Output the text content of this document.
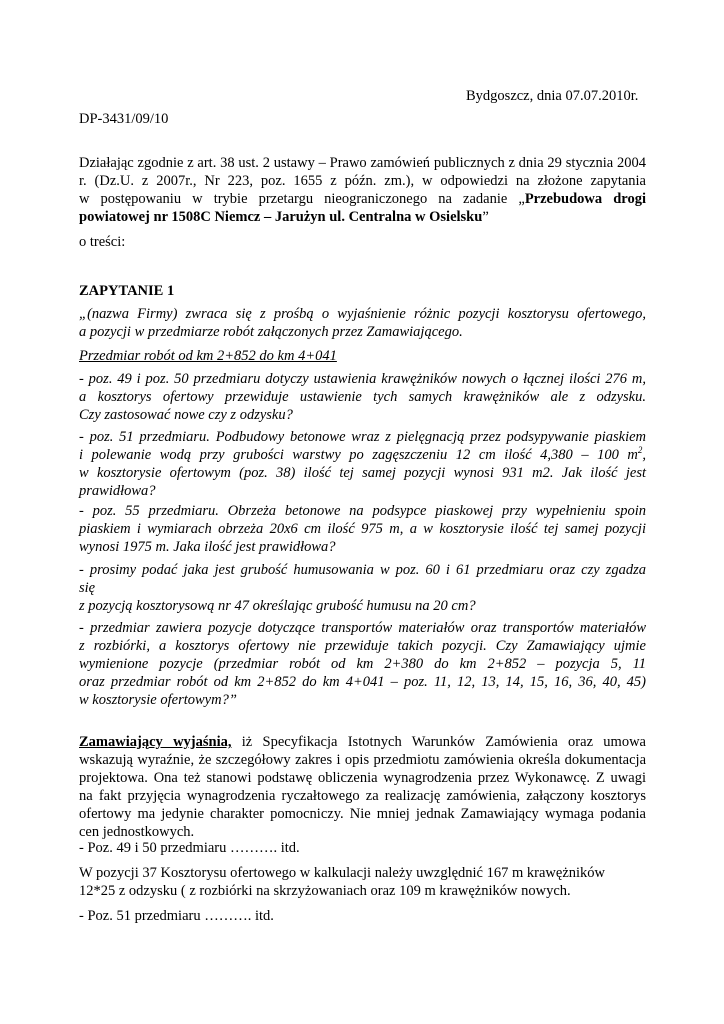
Bydgoszcz, dnia 07.07.2010r.
DP-3431/09/10
Działając zgodnie z art. 38 ust. 2 ustawy – Prawo zamówień publicznych z dnia 29 stycznia 2004
r. (Dz.U. z 2007r., Nr 223, poz. 1655 z późn. zm.), w odpowiedzi na złożone zapytania
w postępowaniu w trybie przetargu nieograniczonego na zadanie „Przebudowa drogi
powiatowej nr 1508C Niemcz – Jarużyn ul. Centralna w Osielsku”
o treści:
ZAPYTANIE 1
„(nazwa Firmy) zwraca się z prośbą o wyjaśnienie różnic pozycji kosztorysu ofertowego,
a pozycji w przedmiarze robót załączonych przez Zamawiającego.
Przedmiar robót od km 2+852 do km 4+041
- poz. 49 i poz. 50 przedmiaru dotyczy ustawienia krawężników nowych o łącznej ilości 276 m,
a kosztorys ofertowy przewiduje ustawienie tych samych krawężników ale z odzysku.
Czy zastosować nowe czy z odzysku?
- poz. 51 przedmiaru. Podbudowy betonowe wraz z pielęgnacją przez podsypywanie piaskiem
i polewanie wodą przy grubości warstwy po zagęszczeniu 12 cm ilość 4,380 – 100 $m^2$,
w kosztorysie ofertowym (poz. 38) ilość tej samej pozycji wynosi 931 m2. Jak ilość jest
prawidłowa?
- poz. 55 przedmiaru. Obrzeża betonowe na podsypce piaskowej przy wypełnieniu spoin
piaskiem i wymiarach obrzeża 20x6 cm ilość 975 m, a w kosztorysie ilość tej samej pozycji
wynosi 1975 m. Jaka ilość jest prawidłowa?
- prosimy podać jaka jest grubość humusowania w poz. 60 i 61 przedmiaru oraz czy zgadza
się
z pozycją kosztorysową nr 47 określając grubość humusu na 20 cm?
- przedmiar zawiera pozycje dotyczące transportów materiałów oraz transportów materiałów
z rozbiórki, a kosztorys ofertowy nie przewiduje takich pozycji. Czy Zamawiający ujmie
wymienione pozycje (przedmiar robót od km 2+380 do km 2+852 – pozycja 5, 11
oraz przedmiar robót od km 2+852 do km 4+041 – poz. 11, 12, 13, 14, 15, 16, 36, 40, 45)
w kosztorysie ofertowym?”
Zamawiający wyjaśnia, iż Specyfikacja Istotnych Warunków Zamówienia oraz umowa
wskazują wyraźnie, że szczegółowy zakres i opis przedmiotu zamówienia określa dokumentacja
projektowa. Ona też stanowi podstawę obliczenia wynagrodzenia przez Wykonawcę. Z uwagi
na fakt przyjęcia wynagrodzenia ryczałtowego za realizację zamówienia, załączony kosztorys
ofertowy ma jedynie charakter pomocniczy. Nie mniej jednak Zamawiający wymaga podania
cen jednostkowych.
- Poz. 49 i 50 przedmiaru ………. itd.
W pozycji 37 Kosztorysu ofertowego w kalkulacji należy uwzględnić 167 m krawężników
12*25 z odzysku ( z rozbiórki na skrzyżowaniach oraz 109 m krawężników nowych.
- Poz. 51 przedmiaru ………. itd.
